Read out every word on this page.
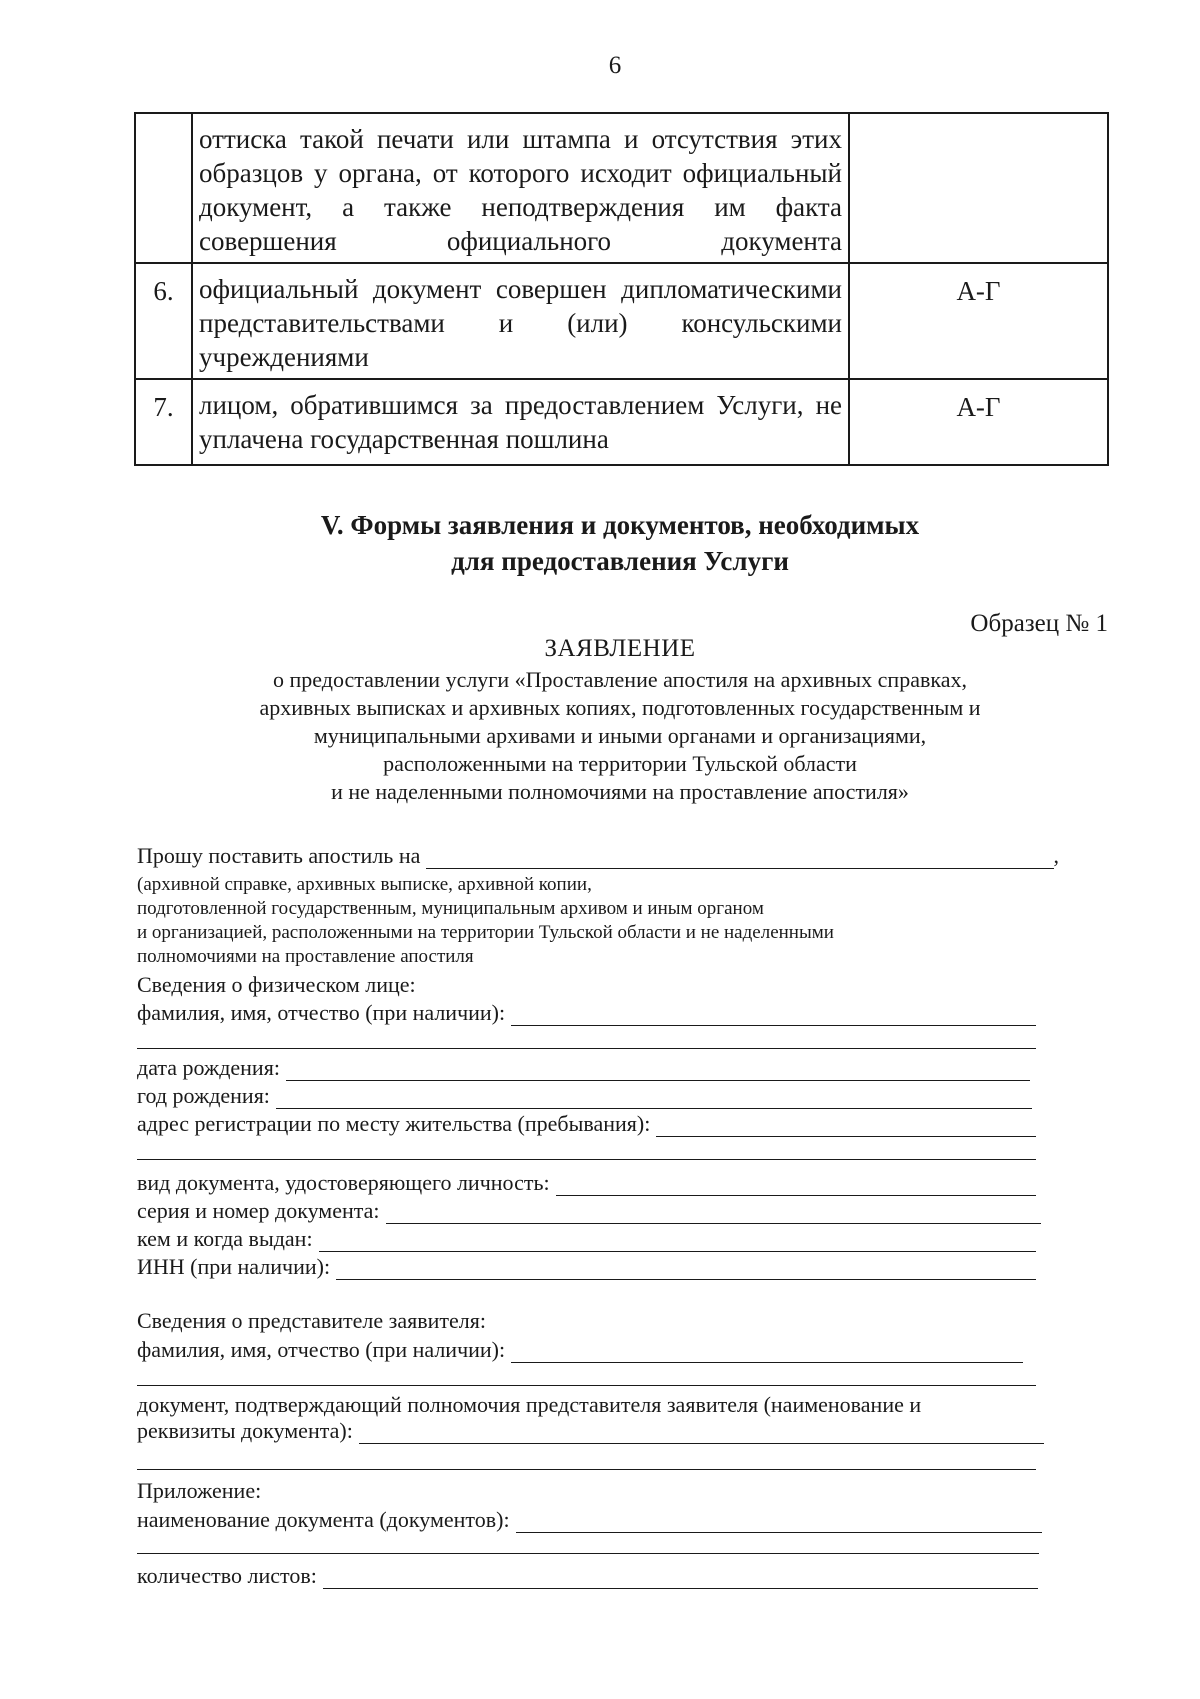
6
	оттиска такой печати или штампа и отсутствия этих образцов у органа, от которого исходит официальный документ, а также неподтверждения им факта совершения официального документа	
6.	официальный документ совершен дипломатическими представительствами и (или) консульскими учреждениями	А-Г
7.	лицом, обратившимся за предоставлением Услуги, не уплачена государственная пошлина	А-Г
V. Формы заявления и документов, необходимых
для предоставления Услуги
Образец № 1
ЗАЯВЛЕНИЕ
о предоставлении услуги «Проставление апостиля на архивных справках,
архивных выписках и архивных копиях, подготовленных государственным и
муниципальными архивами и иными органами и организациями,
расположенными на территории Тульской области
и не наделенными полномочиями на проставление апостиля»
Прошу поставить апостиль на	,
(архивной справке, архивных выписке, архивной копии,
подготовленной государственным, муниципальным архивом и иным органом
и организацией, расположенными на территории Тульской области и не наделенными
полномочиями на проставление апостиля
Сведения о физическом лице:
фамилия, имя, отчество (при наличии):
дата рождения:
год рождения:
адрес регистрации по месту жительства (пребывания):
вид документа, удостоверяющего личность:
серия и номер документа:
кем и когда выдан:
ИНН (при наличии):
Сведения о представителе заявителя:
фамилия, имя, отчество (при наличии):
документ, подтверждающий полномочия представителя заявителя (наименование и
реквизиты документа):
Приложение:
наименование документа (документов):
количество листов:
